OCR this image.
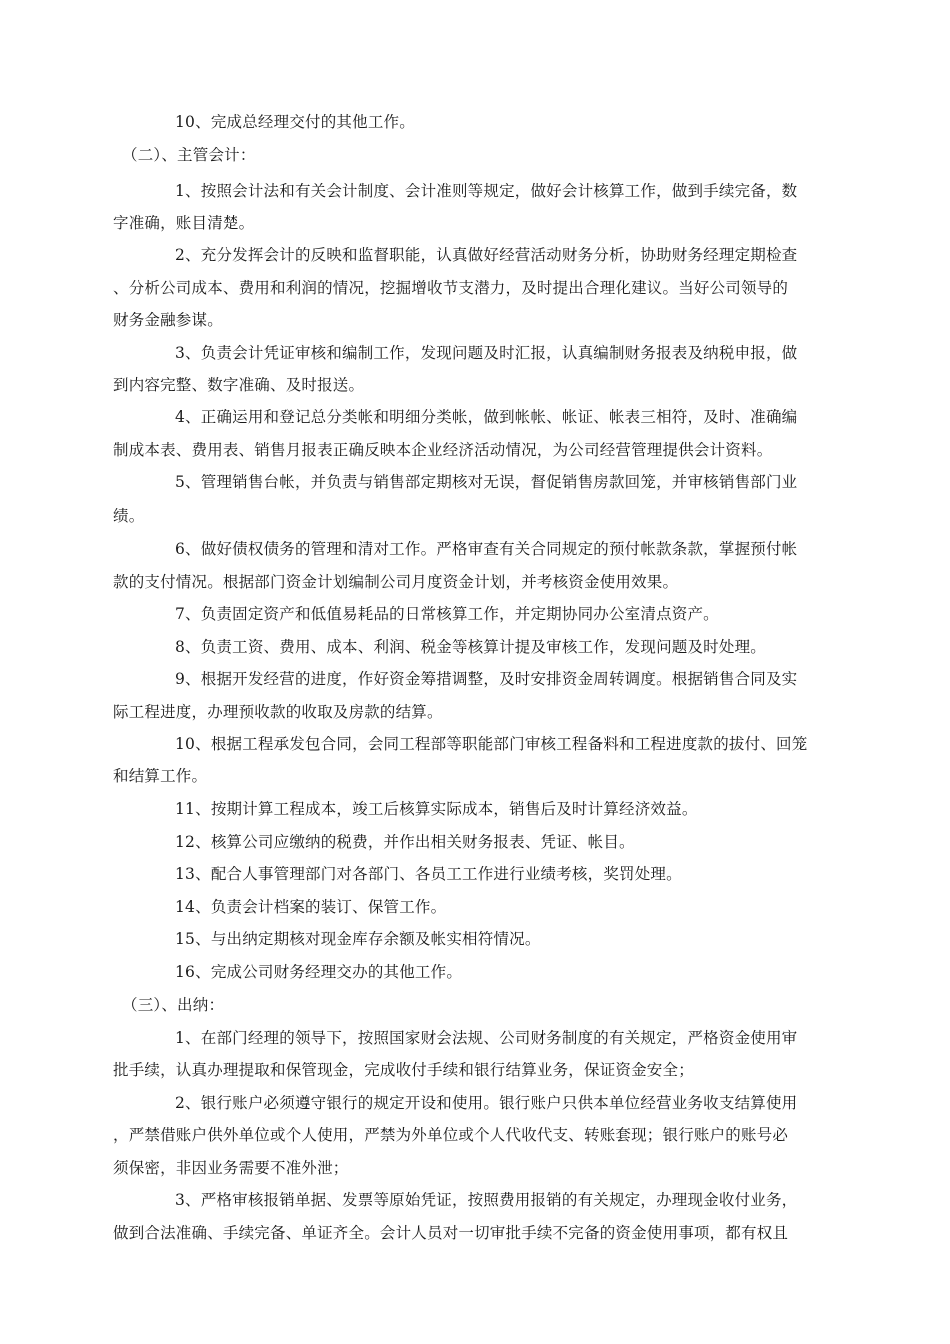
10、完成总经理交付的其他工作。

（二）、主管会计：

1、按照会计法和有关会计制度、会计准则等规定，做好会计核算工作，做到手续完备，数

字准确，账目清楚。

2、充分发挥会计的反映和监督职能，认真做好经营活动财务分析，协助财务经理定期检查

、分析公司成本、费用和利润的情况，挖掘增收节支潜力，及时提出合理化建议。当好公司领导的

财务金融参谋。

3、负责会计凭证审核和编制工作，发现问题及时汇报，认真编制财务报表及纳税申报，做

到内容完整、数字准确、及时报送。

4、正确运用和登记总分类帐和明细分类帐，做到帐帐、帐证、帐表三相符，及时、准确编

制成本表、费用表、销售月报表正确反映本企业经济活动情况，为公司经营管理提供会计资料。

5、管理销售台帐，并负责与销售部定期核对无误，督促销售房款回笼，并审核销售部门业

绩。

6、做好债权债务的管理和清对工作。严格审查有关合同规定的预付帐款条款，掌握预付帐

款的支付情况。根据部门资金计划编制公司月度资金计划，并考核资金使用效果。

7、负责固定资产和低值易耗品的日常核算工作，并定期协同办公室清点资产。

8、负责工资、费用、成本、利润、税金等核算计提及审核工作，发现问题及时处理。

9、根据开发经营的进度，作好资金筹措调整，及时安排资金周转调度。根据销售合同及实

际工程进度，办理预收款的收取及房款的结算。

10、根据工程承发包合同，会同工程部等职能部门审核工程备料和工程进度款的拔付、回笼

和结算工作。

11、按期计算工程成本，竣工后核算实际成本，销售后及时计算经济效益。

12、核算公司应缴纳的税费，并作出相关财务报表、凭证、帐目。

13、配合人事管理部门对各部门、各员工工作进行业绩考核，奖罚处理。

14、负责会计档案的装订、保管工作。

15、与出纳定期核对现金库存余额及帐实相符情况。

16、完成公司财务经理交办的其他工作。

（三）、出纳：

1、在部门经理的领导下，按照国家财会法规、公司财务制度的有关规定，严格资金使用审

批手续，认真办理提取和保管现金，完成收付手续和银行结算业务，保证资金安全；

2、银行账户必须遵守银行的规定开设和使用。银行账户只供本单位经营业务收支结算使用

，严禁借账户供外单位或个人使用，严禁为外单位或个人代收代支、转账套现；银行账户的账号必

须保密，非因业务需要不准外泄；

3、严格审核报销单据、发票等原始凭证，按照费用报销的有关规定，办理现金收付业务，

做到合法准确、手续完备、单证齐全。会计人员对一切审批手续不完备的资金使用事项，都有权且
